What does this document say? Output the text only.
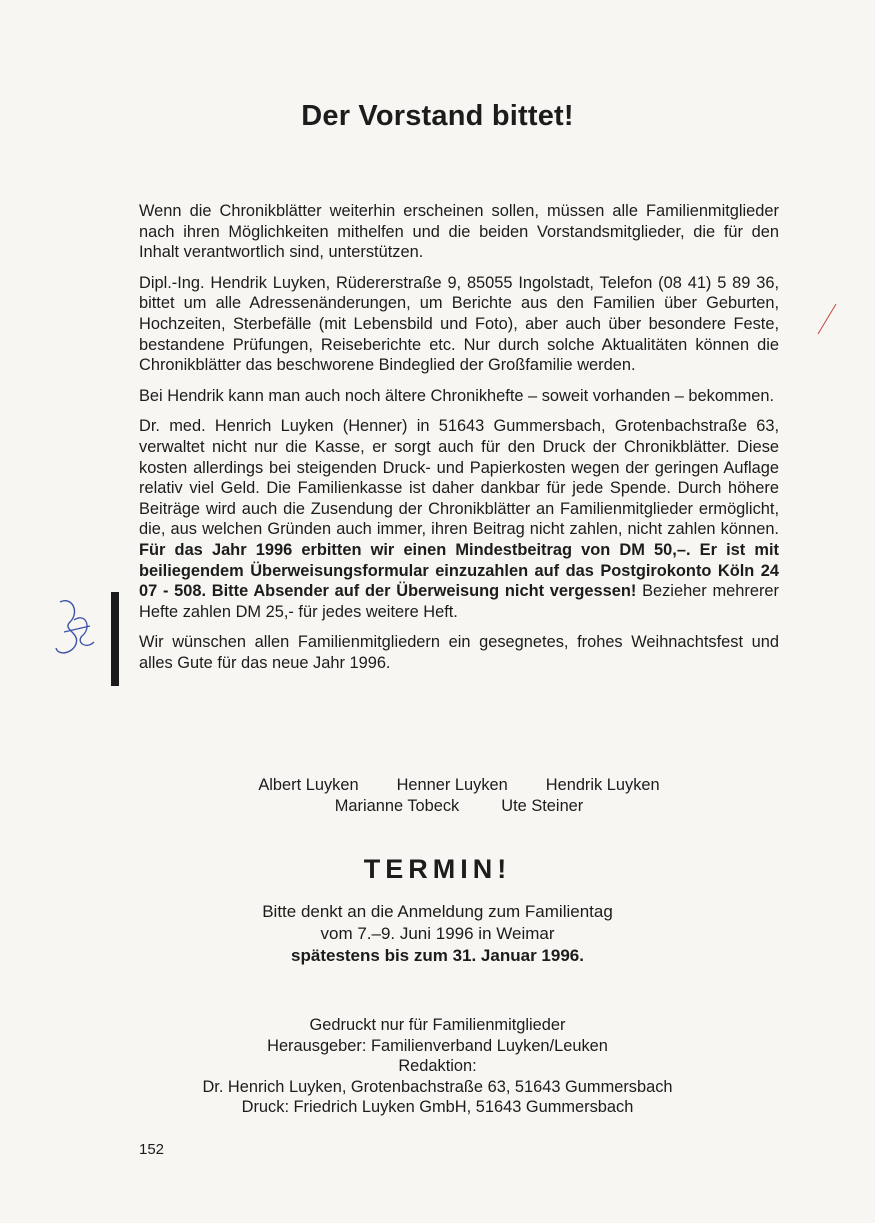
Der Vorstand bittet!

Wenn die Chronikblätter weiterhin erscheinen sollen, müssen alle Familienmitglieder nach ihren Möglichkeiten mithelfen und die beiden Vorstandsmitglieder, die für den Inhalt verantwortlich sind, unterstützen.

Dipl.-Ing. Hendrik Luyken, Rüdererstraße 9, 85055 Ingolstadt, Telefon (08 41) 5 89 36, bittet um alle Adressenänderungen, um Berichte aus den Familien über Geburten, Hochzeiten, Sterbefälle (mit Lebensbild und Foto), aber auch über besondere Feste, bestandene Prüfungen, Reiseberichte etc. Nur durch solche Aktualitäten können die Chronikblätter das beschworene Bindeglied der Großfamilie werden.

Bei Hendrik kann man auch noch ältere Chronikhefte – soweit vorhanden – bekommen.

Dr. med. Henrich Luyken (Henner) in 51643 Gummersbach, Grotenbachstraße 63, verwaltet nicht nur die Kasse, er sorgt auch für den Druck der Chronikblätter. Diese kosten allerdings bei steigenden Druck- und Papierkosten wegen der geringen Auflage relativ viel Geld. Die Familienkasse ist daher dankbar für jede Spende. Durch höhere Beiträge wird auch die Zusendung der Chronikblätter an Familienmitglieder ermöglicht, die, aus welchen Gründen auch immer, ihren Beitrag nicht zahlen, nicht zahlen können. Für das Jahr 1996 erbitten wir einen Mindestbeitrag von DM 50,–. Er ist mit beiliegendem Überweisungsformular einzuzahlen auf das Postgirokonto Köln 24 07 - 508. Bitte Absender auf der Überweisung nicht vergessen! Bezieher mehrerer Hefte zahlen DM 25,- für jedes weitere Heft.

Wir wünschen allen Familienmitgliedern ein gesegnetes, frohes Weihnachtsfest und alles Gute für das neue Jahr 1996.

Albert Luyken Henner Luyken Hendrik Luyken
Marianne Tobeck	Ute Steiner
TERMIN!
Bitte denkt an die Anmeldung zum Familientag
vom 7.–9. Juni 1996 in Weimar
spätestens bis zum 31. Januar 1996.
Gedruckt nur für Familienmitglieder
Herausgeber: Familienverband Luyken/Leuken
Redaktion:
Dr. Henrich Luyken, Grotenbachstraße 63, 51643 Gummersbach
Druck: Friedrich Luyken GmbH, 51643 Gummersbach
152
